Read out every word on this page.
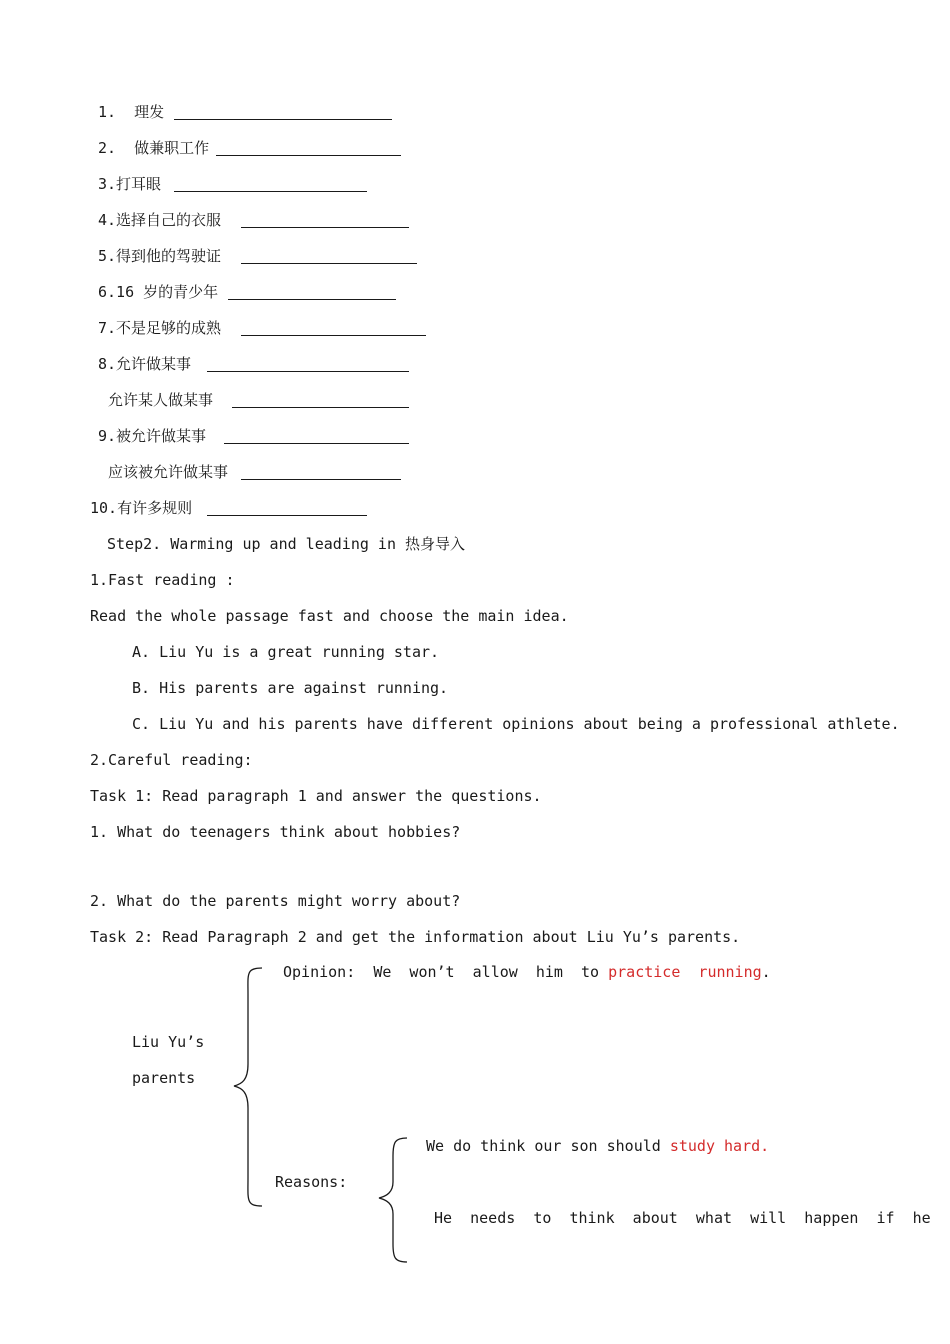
1.  理发
2.  做兼职工作
3.打耳眼
4.选择自己的衣服
5.得到他的驾驶证
6.16 岁的青少年
7.不是足够的成熟
8.允许做某事
允许某人做某事
9.被允许做某事
应该被允许做某事
10.有许多规则
Step2. Warming up and leading in 热身导入
1.Fast reading :
Read the whole passage fast and choose the main idea.
A. Liu Yu is a great running star.
B. His parents are against running.
C. Liu Yu and his parents have different opinions about being a professional athlete.
2.Careful reading:
Task 1: Read paragraph 1 and answer the questions.
1. What do teenagers think about hobbies?
2. What do the parents might worry about?
Task 2: Read Paragraph 2 and get the information about Liu Yu’s parents.
Liu Yu’s
parents
Opinion: We  won’t  allow  him  to practice  running.
Reasons:
We do think our son should study hard.
He  needs  to  think  about  what  will  happen  if  he
